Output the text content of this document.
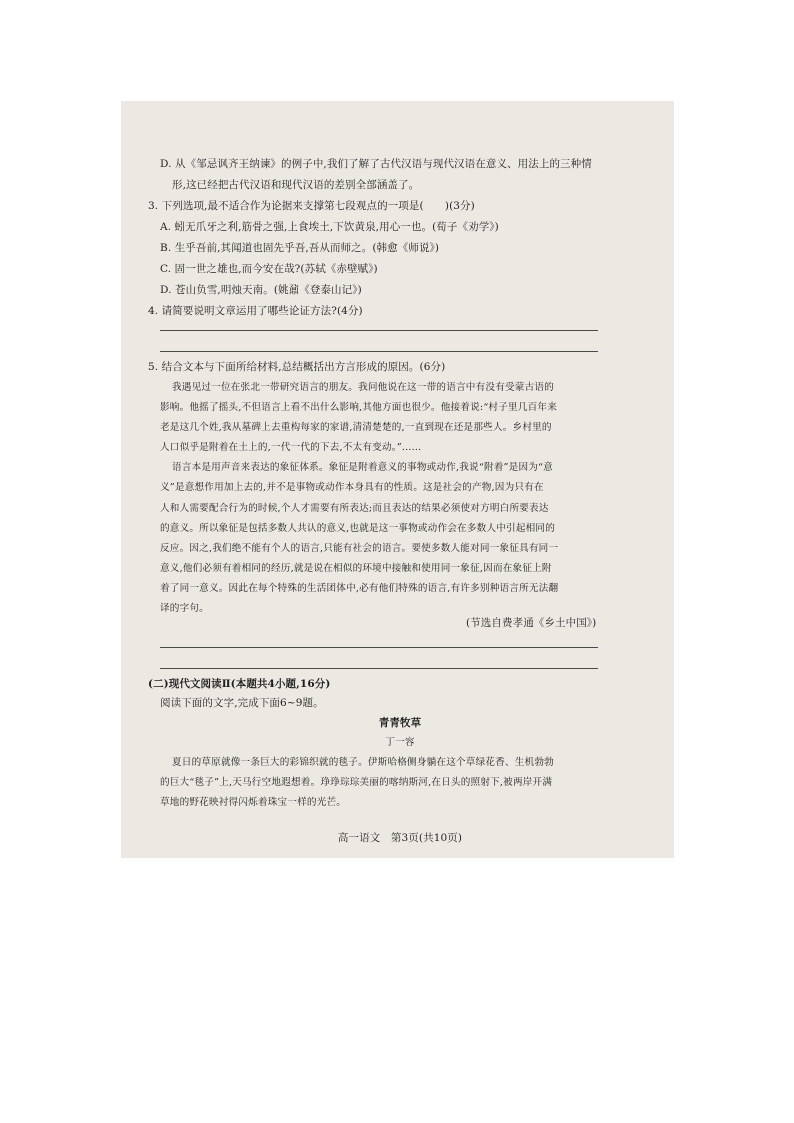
D. 从《邹忌讽齐王纳谏》的例子中,我们了解了古代汉语与现代汉语在意义、用法上的三种情
形,这已经把古代汉语和现代汉语的差别全部涵盖了。
3. 下列选项,最不适合作为论据来支撑第七段观点的一项是(　　)(3分)
A. 蚓无爪牙之利,筋骨之强,上食埃土,下饮黄泉,用心一也。(荀子《劝学》)
B. 生乎吾前,其闻道也固先乎吾,吾从而师之。(韩愈《师说》)
C. 固一世之雄也,而今安在哉?(苏轼《赤壁赋》)
D. 苍山负雪,明烛天南。(姚鼐《登泰山记》)
4. 请简要说明文章运用了哪些论证方法?(4分)
5. 结合文本与下面所给材料,总结概括出方言形成的原因。(6分)
我遇见过一位在张北一带研究语言的朋友。我问他说在这一带的语言中有没有受蒙古语的
影响。他摇了摇头,不但语言上看不出什么影响,其他方面也很少。他接着说:“村子里几百年来
老是这几个姓,我从墓碑上去重构每家的家谱,清清楚楚的,一直到现在还是那些人。乡村里的
人口似乎是附着在土上的,一代一代的下去,不太有变动。”......
语言本是用声音来表达的象征体系。象征是附着意义的事物或动作,我说“附着”是因为“意
义”是意想作用加上去的,并不是事物或动作本身具有的性质。这是社会的产物,因为只有在
人和人需要配合行为的时候,个人才需要有所表达;而且表达的结果必须使对方明白所要表达
的意义。所以象征是包括多数人共认的意义,也就是这一事物或动作会在多数人中引起相同的
反应。因之,我们绝不能有个人的语言,只能有社会的语言。要使多数人能对同一象征具有同一
意义,他们必须有着相同的经历,就是说在相似的环境中接触和使用同一象征,因而在象征上附
着了同一意义。因此在每个特殊的生活团体中,必有他们特殊的语言,有许多别种语言所无法翻
译的字句。
(节选自费孝通《乡土中国》)
(二)现代文阅读Ⅱ(本题共4小题,16分)
阅读下面的文字,完成下面6~9题。
青青牧草
丁一容
夏日的草原就像一条巨大的彩锦织就的毯子。伊斯哈格侧身躺在这个草绿花香、生机勃勃
的巨大“毯子”上,天马行空地遐想着。琤琤琮琮美丽的喀纳斯河,在日头的照射下,被两岸开满
草地的野花映衬得闪烁着珠宝一样的光芒。
高一语文　第3页(共10页)
